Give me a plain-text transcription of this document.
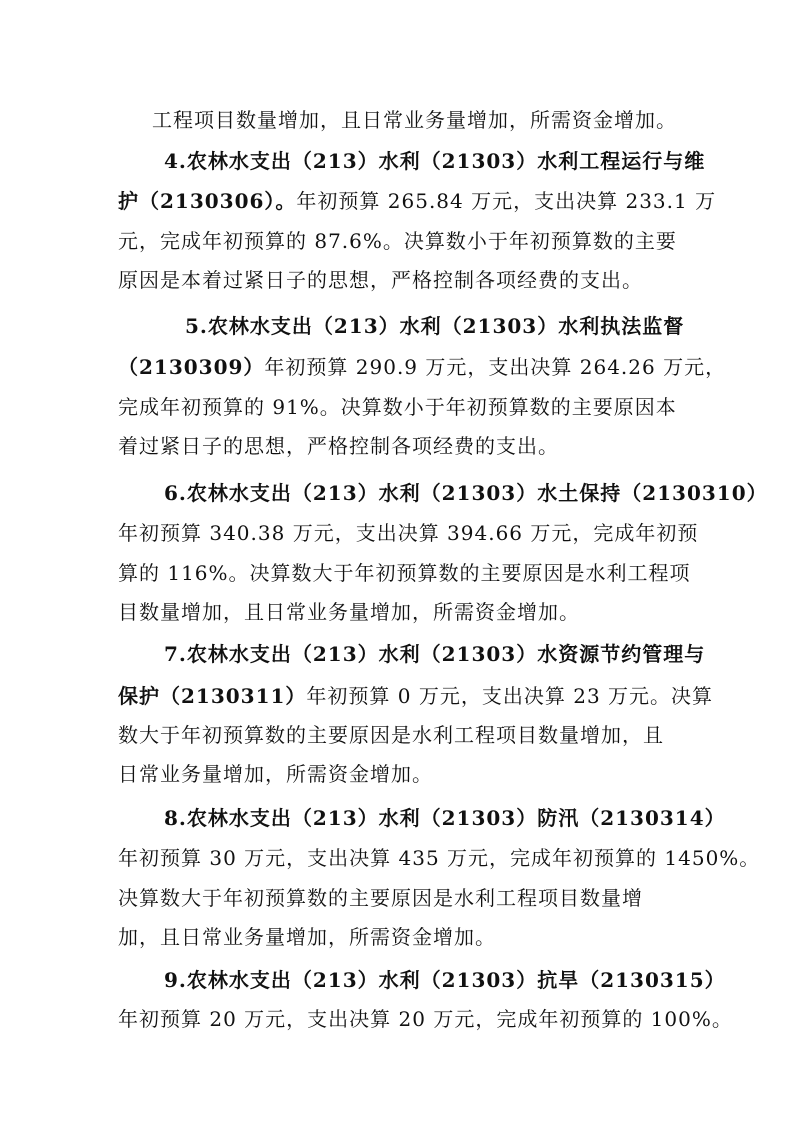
工程项目数量增加，且日常业务量增加，所需资金增加。
4.农林水支出（213）水利（21303）水利工程运行与维
护（2130306）。年初预算 265.84 万元，支出决算 233.1 万
元，完成年初预算的 87.6%。决算数小于年初预算数的主要
原因是本着过紧日子的思想，严格控制各项经费的支出。
5.农林水支出（213）水利（21303）水利执法监督
（2130309）年初预算 290.9 万元，支出决算 264.26 万元，
完成年初预算的 91%。决算数小于年初预算数的主要原因本
着过紧日子的思想，严格控制各项经费的支出。
6.农林水支出（213）水利（21303）水土保持（2130310）
年初预算 340.38 万元，支出决算 394.66 万元，完成年初预
算的 116%。决算数大于年初预算数的主要原因是水利工程项
目数量增加，且日常业务量增加，所需资金增加。
7.农林水支出（213）水利（21303）水资源节约管理与
保护（2130311）年初预算 0 万元，支出决算 23 万元。决算
数大于年初预算数的主要原因是水利工程项目数量增加，且
日常业务量增加，所需资金增加。
8.农林水支出（213）水利（21303）防汛（2130314）
年初预算 30 万元，支出决算 435 万元，完成年初预算的 1450%。
决算数大于年初预算数的主要原因是水利工程项目数量增
加，且日常业务量增加，所需资金增加。
9.农林水支出（213）水利（21303）抗旱（2130315）
年初预算 20 万元，支出决算 20 万元，完成年初预算的 100%。
